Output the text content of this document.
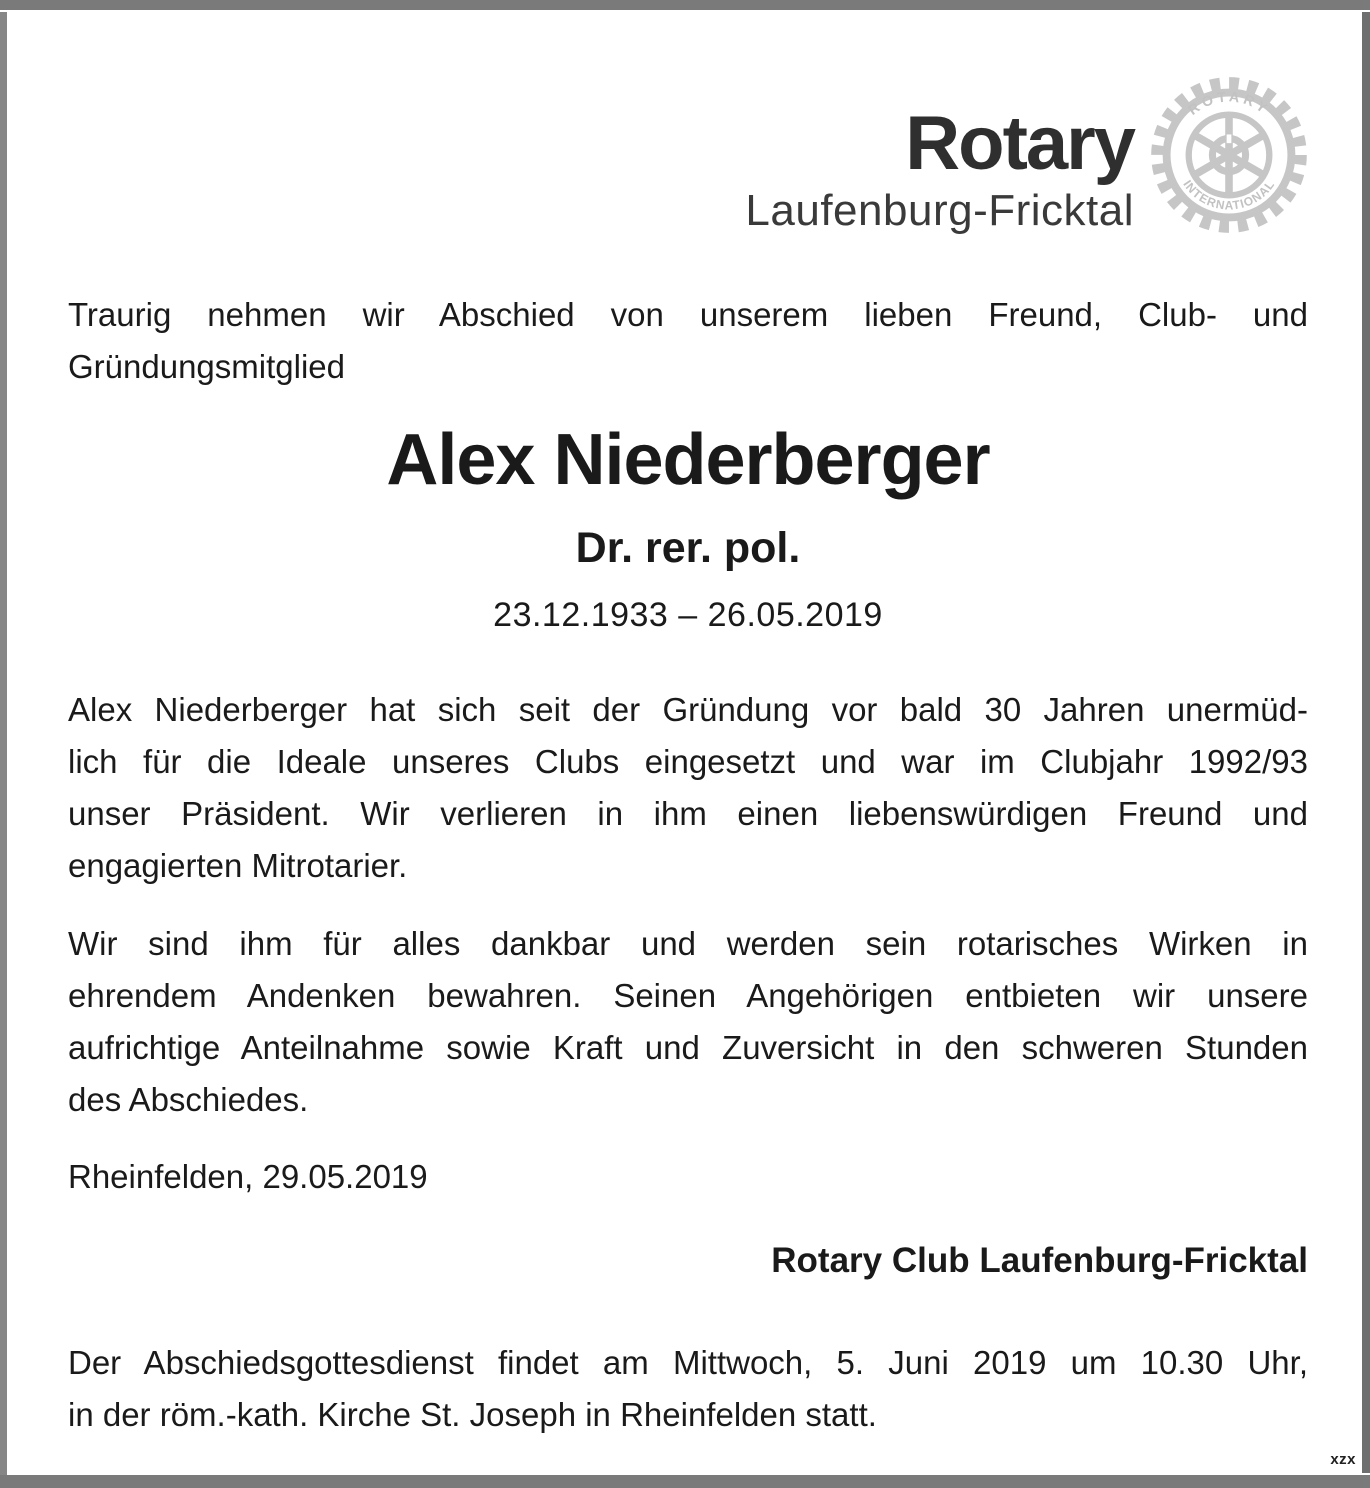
Rotary
Laufenburg-Fricktal
ROTARY
INTERNATIONAL
Traurig nehmen wir Abschied von unserem lieben Freund, Club- und
Gründungsmitglied
Alex Niederberger
Dr. rer. pol.
23.12.1933 – 26.05.2019
Alex Niederberger hat sich seit der Gründung vor bald 30 Jahren unermüd-
lich für die Ideale unseres Clubs eingesetzt und war im Clubjahr 1992/93
unser Präsident. Wir verlieren in ihm einen liebenswürdigen Freund und
engagierten Mitrotarier.
Wir sind ihm für alles dankbar und werden sein rotarisches Wirken in
ehrendem Andenken bewahren. Seinen Angehörigen entbieten wir unsere
aufrichtige Anteilnahme sowie Kraft und Zuversicht in den schweren Stunden
des Abschiedes.
Rheinfelden, 29.05.2019
Rotary Club Laufenburg-Fricktal
Der Abschiedsgottesdienst findet am Mittwoch, 5. Juni 2019 um 10.30 Uhr,
in der röm.-kath. Kirche St. Joseph in Rheinfelden statt.
xzx
